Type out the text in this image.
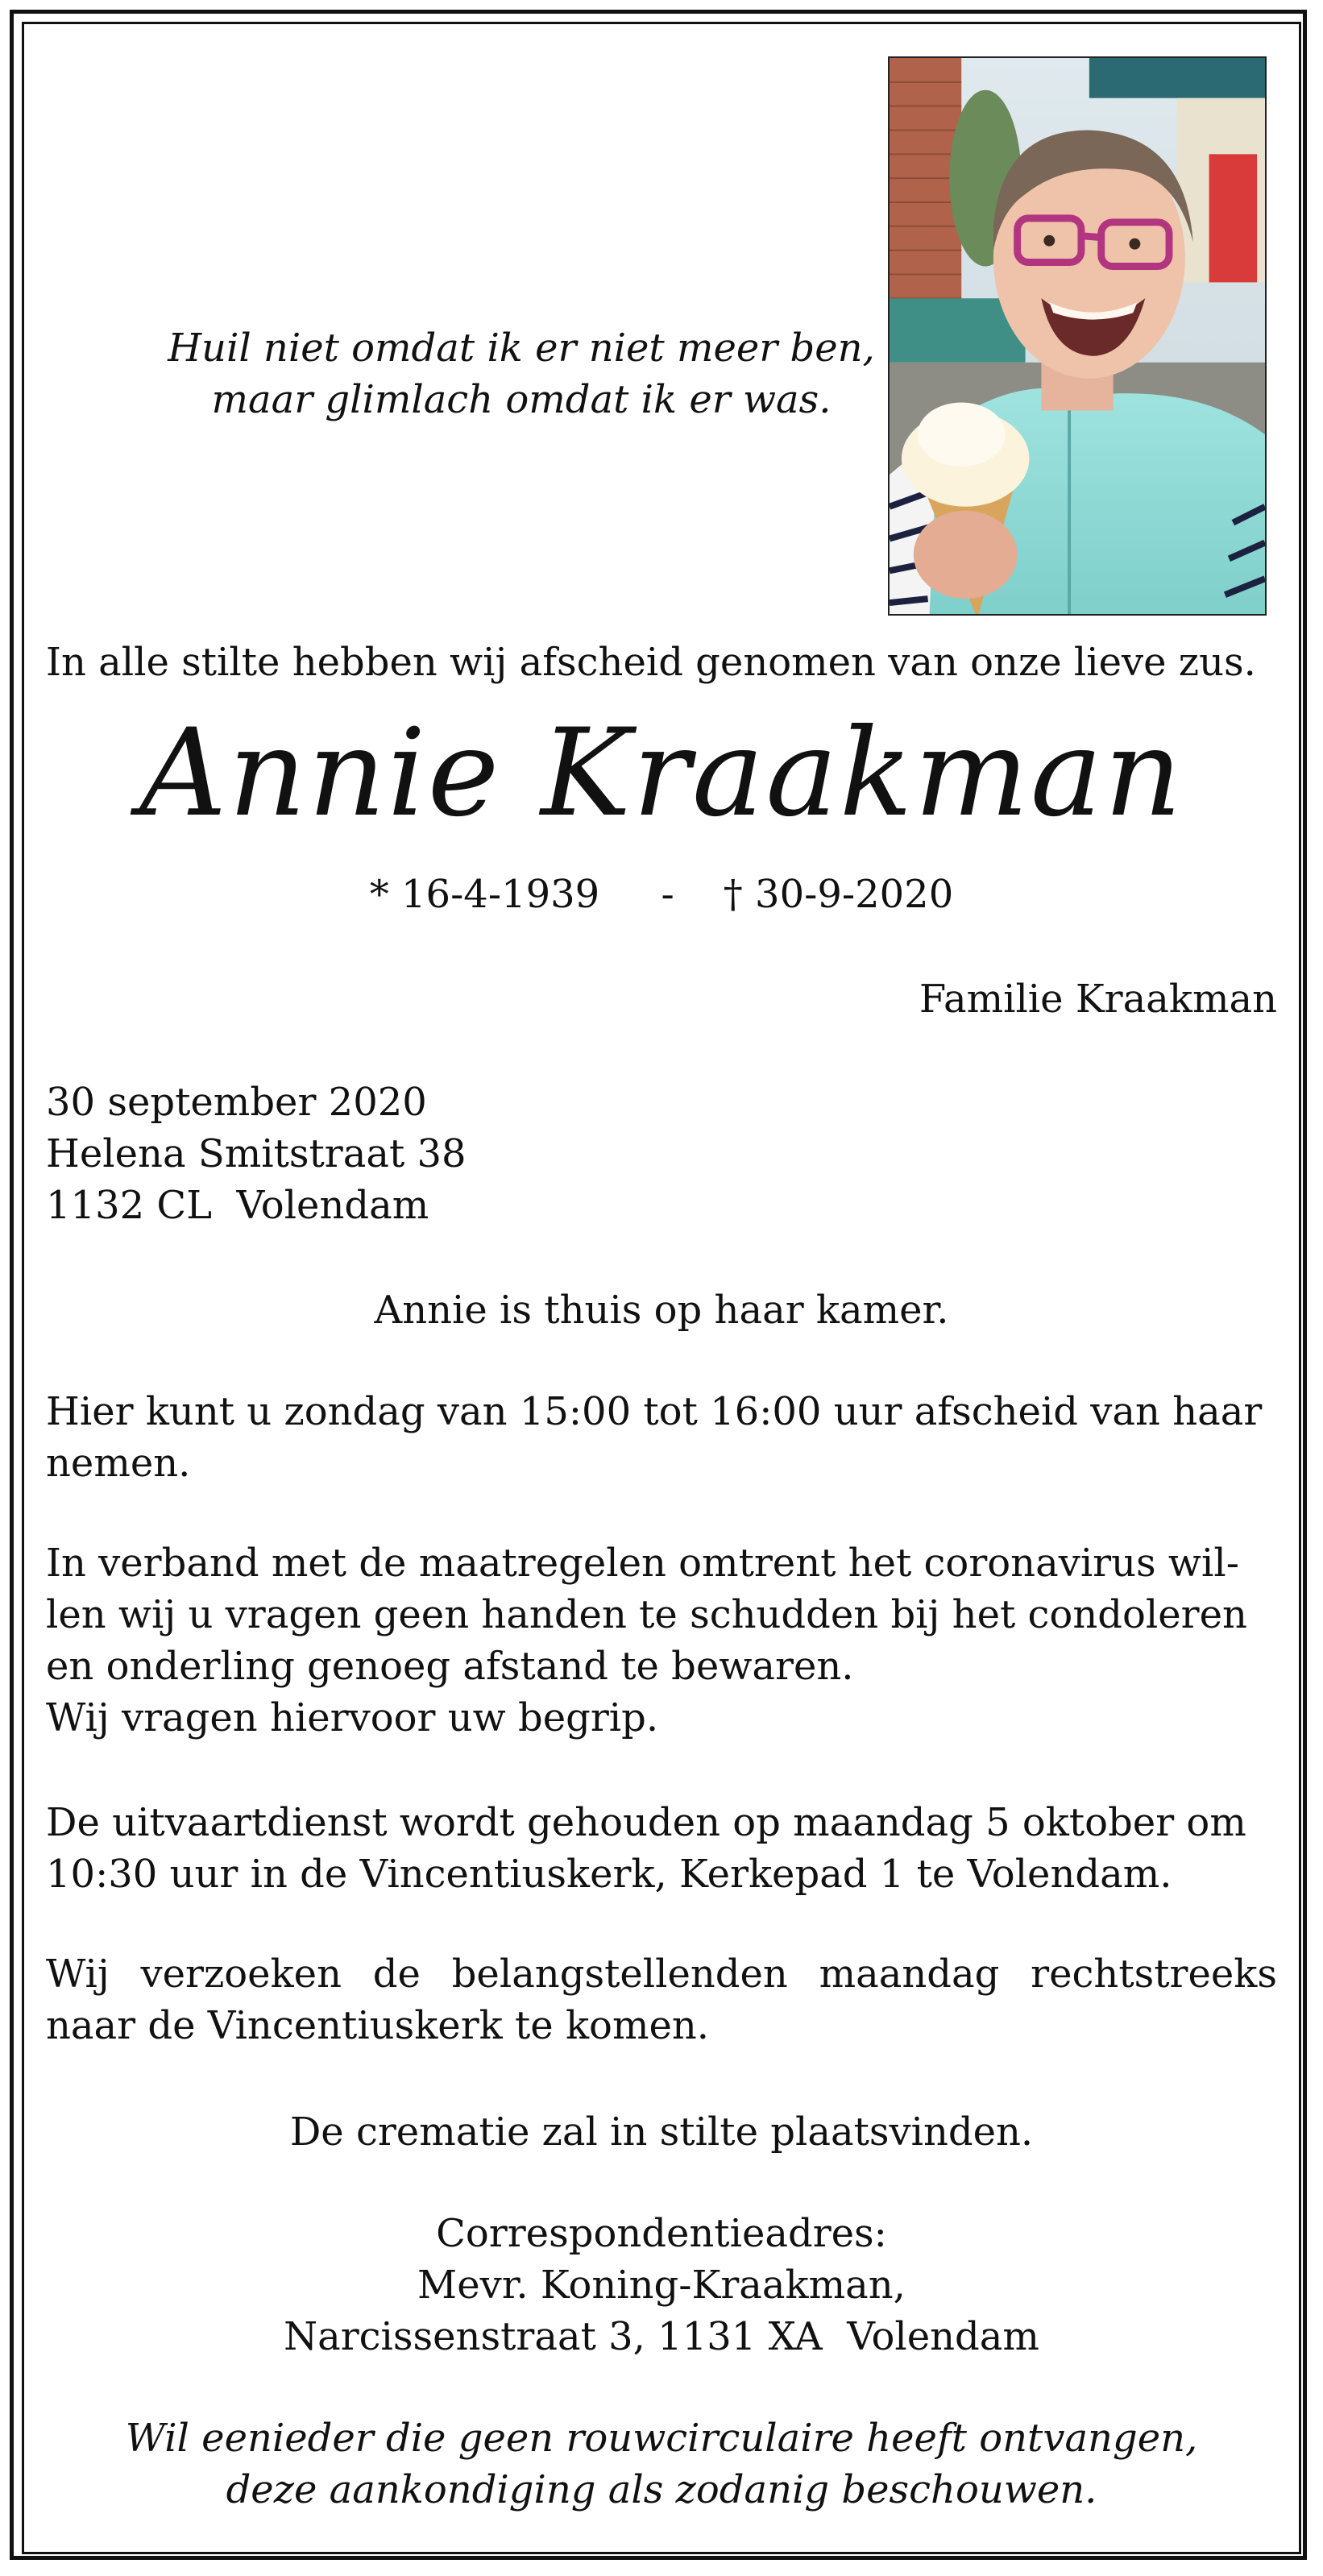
Huil niet omdat ik er niet meer ben,
maar glimlach omdat ik er was.

In alle stilte hebben wij afscheid genomen van onze lieve zus.

Annie Kraakman
* 16-4-1939 - † 30-9-2020
Familie Kraakman
30 september 2020
Helena Smitstraat 38
1132 CL  Volendam
Annie is thuis op haar kamer.
Hier kunt u zondag van 15:00 tot 16:00 uur afscheid van haar
nemen.
In verband met de maatregelen omtrent het coronavirus wil-
len wij u vragen geen handen te schudden bij het condoleren
en onderling genoeg afstand te bewaren.
Wij vragen hiervoor uw begrip.
De uitvaartdienst wordt gehouden op maandag 5 oktober om
10:30 uur in de Vincentiuskerk, Kerkepad 1 te Volendam.
Wij verzoeken de belangstellenden maandag rechtstreeks
naar de Vincentiuskerk te komen.
De crematie zal in stilte plaatsvinden.
Correspondentieadres:
Mevr. Koning-Kraakman,
Narcissenstraat 3, 1131 XA  Volendam
Wil eenieder die geen rouwcirculaire heeft ontvangen,
deze aankondiging als zodanig beschouwen.
